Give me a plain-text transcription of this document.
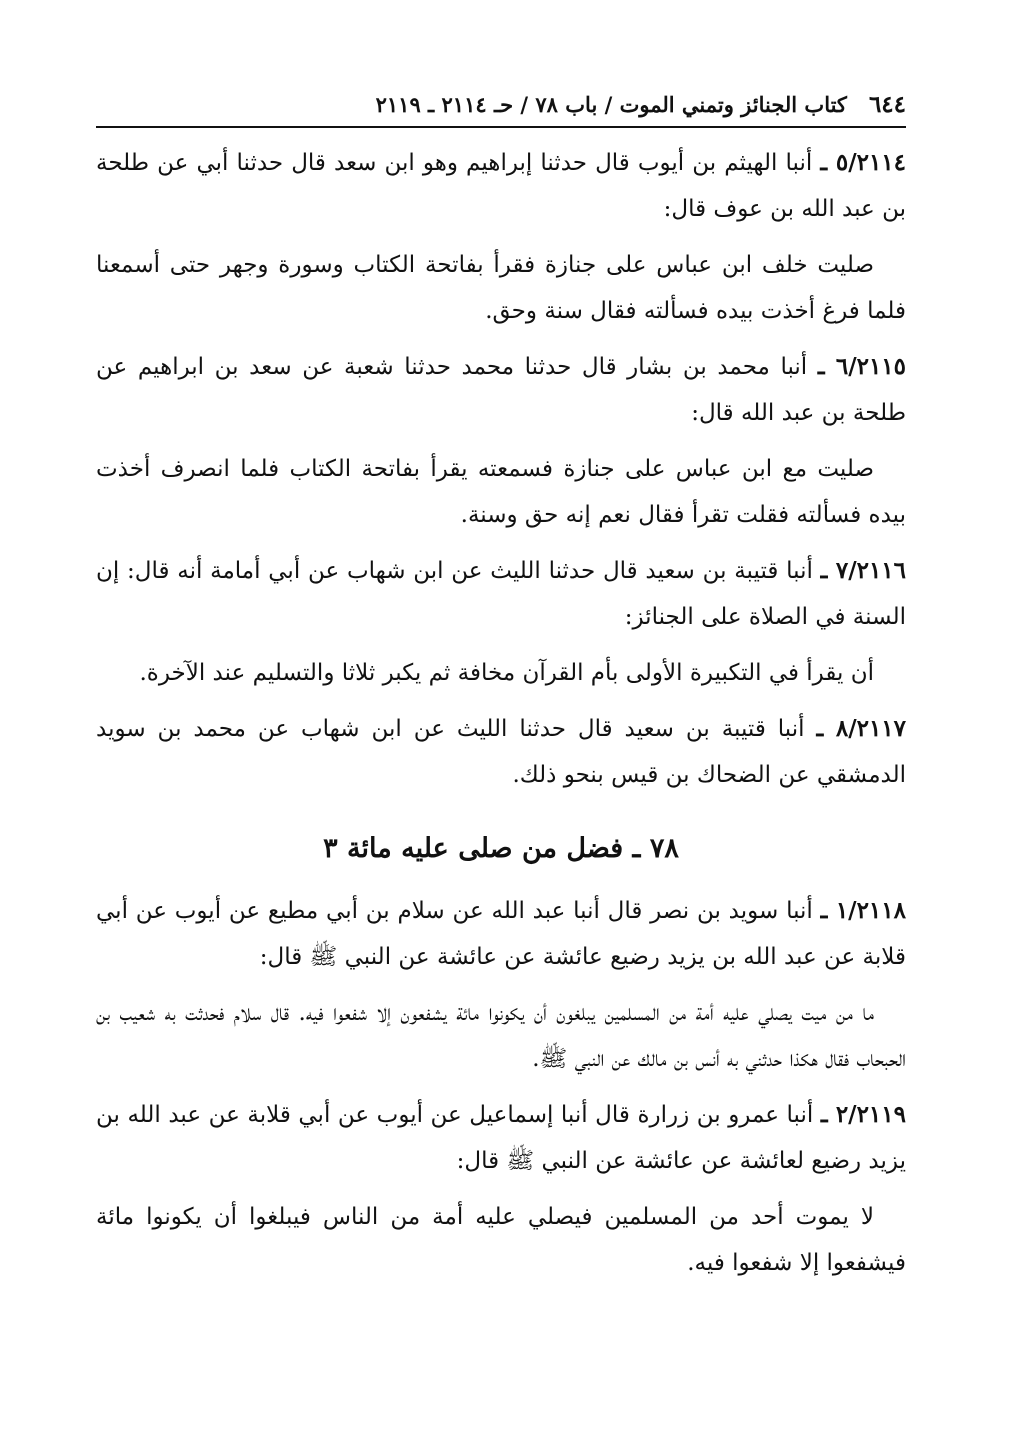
٦٤٤
كتاب الجنائز وتمني الموت / باب ٧٨ / حـ ٢١١٤ ـ ٢١١٩

٥/٢١١٤ ـ أنبا الهيثم بن أيوب قال حدثنا إبراهيم وهو ابن سعد قال حدثنا أبي عن طلحة بن عبد الله بن عوف قال:

صليت خلف ابن عباس على جنازة فقرأ بفاتحة الكتاب وسورة وجهر حتى أسمعنا فلما فرغ أخذت بيده فسألته فقال سنة وحق.

٦/٢١١٥ ـ أنبا محمد بن بشار قال حدثنا محمد حدثنا شعبة عن سعد بن ابراهيم عن طلحة بن عبد الله قال:

صليت مع ابن عباس على جنازة فسمعته يقرأ بفاتحة الكتاب فلما انصرف أخذت بيده فسألته فقلت تقرأ فقال نعم إنه حق وسنة.

٧/٢١١٦ ـ أنبا قتيبة بن سعيد قال حدثنا الليث عن ابن شهاب عن أبي أمامة أنه قال: إن السنة في الصلاة على الجنائز:

أن يقرأ في التكبيرة الأولى بأم القرآن مخافة ثم يكبر ثلاثا والتسليم عند الآخرة.

٨/٢١١٧ ـ أنبا قتيبة بن سعيد قال حدثنا الليث عن ابن شهاب عن محمد بن سويد الدمشقي عن الضحاك بن قيس بنحو ذلك.

٧٨ ـ فضل من صلى عليه مائة ٣

١/٢١١٨ ـ أنبا سويد بن نصر قال أنبا عبد الله عن سلام بن أبي مطيع عن أيوب عن أبي قلابة عن عبد الله بن يزيد رضيع عائشة عن عائشة عن النبي ﷺ قال:

ما من ميت يصلي عليه أمة من المسلمين يبلغون أن يكونوا مائة يشفعون إلا شفعوا فيه. قال سلام فحدثت به شعيب بن الحبحاب فقال هكذا حدثني به أنس بن مالك عن النبي ﷺ.

٢/٢١١٩ ـ أنبا عمرو بن زرارة قال أنبا إسماعيل عن أيوب عن أبي قلابة عن عبد الله بن يزيد رضيع لعائشة عن عائشة عن النبي ﷺ قال:

لا يموت أحد من المسلمين فيصلي عليه أمة من الناس فيبلغوا أن يكونوا مائة فيشفعوا إلا شفعوا فيه.
